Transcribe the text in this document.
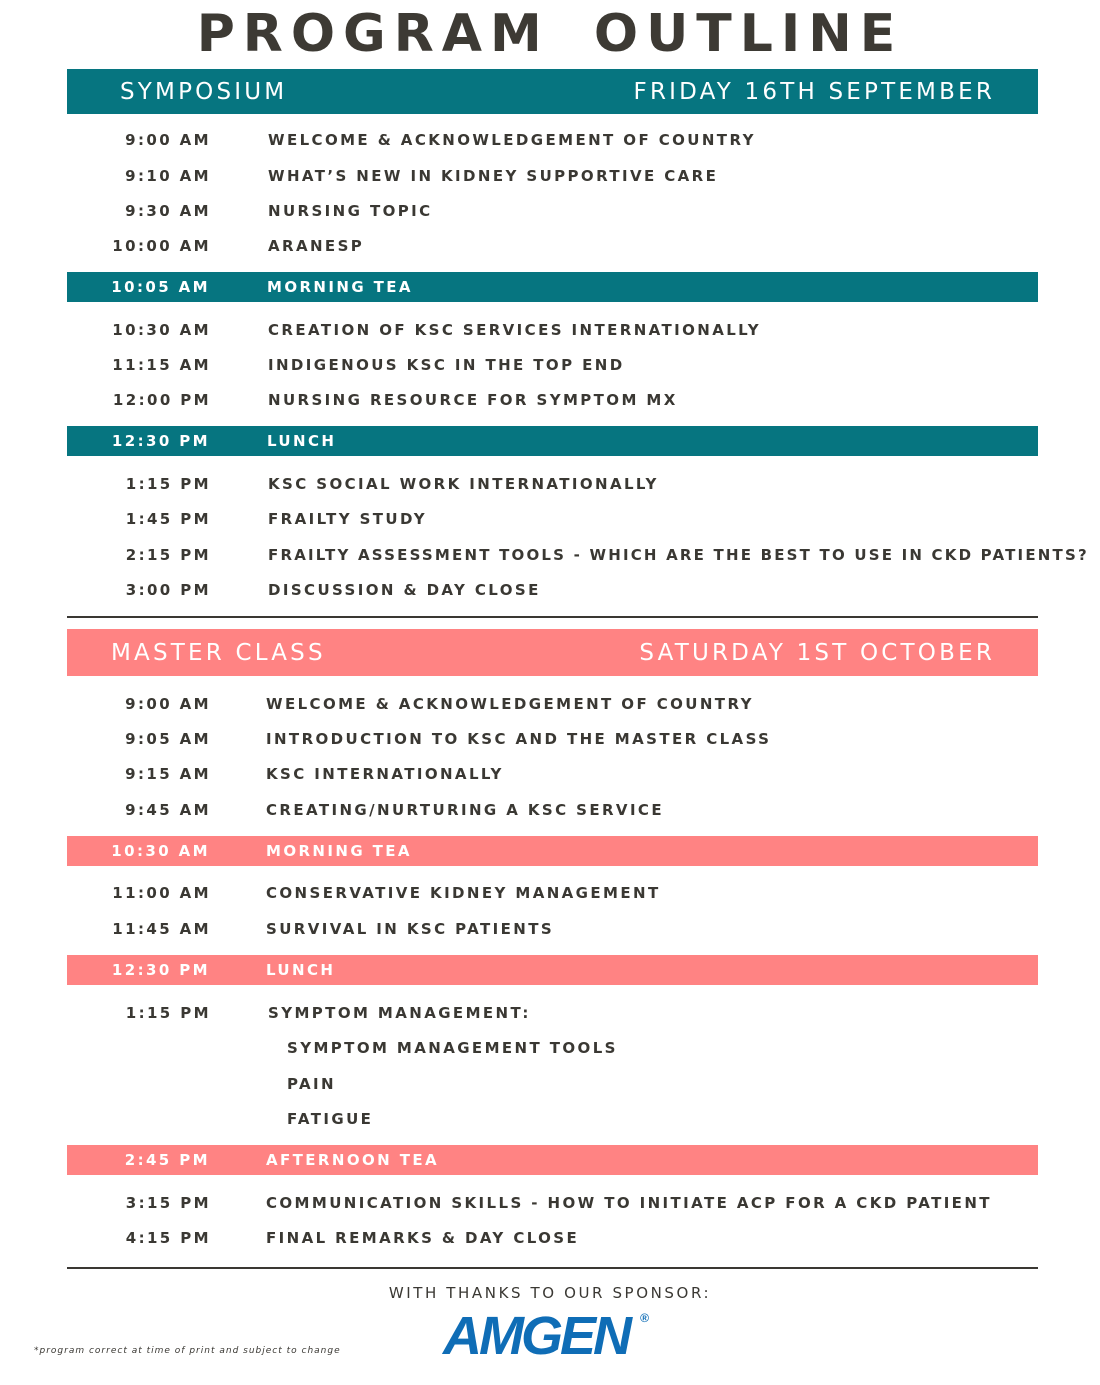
PROGRAM OUTLINE
SYMPOSIUM	FRIDAY 16TH SEPTEMBER
9:00 AM	WELCOME & ACKNOWLEDGEMENT OF COUNTRY
9:10 AM	WHAT’S NEW IN KIDNEY SUPPORTIVE CARE
9:30 AM	NURSING TOPIC
10:00 AM	ARANESP
10:05 AM	MORNING TEA
10:30 AM	CREATION OF KSC SERVICES INTERNATIONALLY
11:15 AM	INDIGENOUS KSC IN THE TOP END
12:00 PM	NURSING RESOURCE FOR SYMPTOM MX
12:30 PM	LUNCH
1:15 PM	KSC SOCIAL WORK INTERNATIONALLY
1:45 PM	FRAILTY STUDY
2:15 PM	FRAILTY ASSESSMENT TOOLS - WHICH ARE THE BEST TO USE IN CKD PATIENTS?
3:00 PM	DISCUSSION & DAY CLOSE
MASTER CLASS	SATURDAY 1ST OCTOBER
9:00 AM	WELCOME & ACKNOWLEDGEMENT OF COUNTRY
9:05 AM	INTRODUCTION TO KSC AND THE MASTER CLASS
9:15 AM	KSC INTERNATIONALLY
9:45 AM	CREATING/NURTURING A KSC SERVICE
10:30 AM	MORNING TEA
11:00 AM	CONSERVATIVE KIDNEY MANAGEMENT
11:45 AM	SURVIVAL IN KSC PATIENTS
12:30 PM	LUNCH
1:15 PM	SYMPTOM MANAGEMENT:
SYMPTOM MANAGEMENT TOOLS
PAIN
FATIGUE
2:45 PM	AFTERNOON TEA
3:15 PM	COMMUNICATION SKILLS - HOW TO INITIATE ACP FOR A CKD PATIENT
4:15 PM	FINAL REMARKS & DAY CLOSE
WITH THANKS TO OUR SPONSOR:
AMGEN ®
*program correct at time of print and subject to change
